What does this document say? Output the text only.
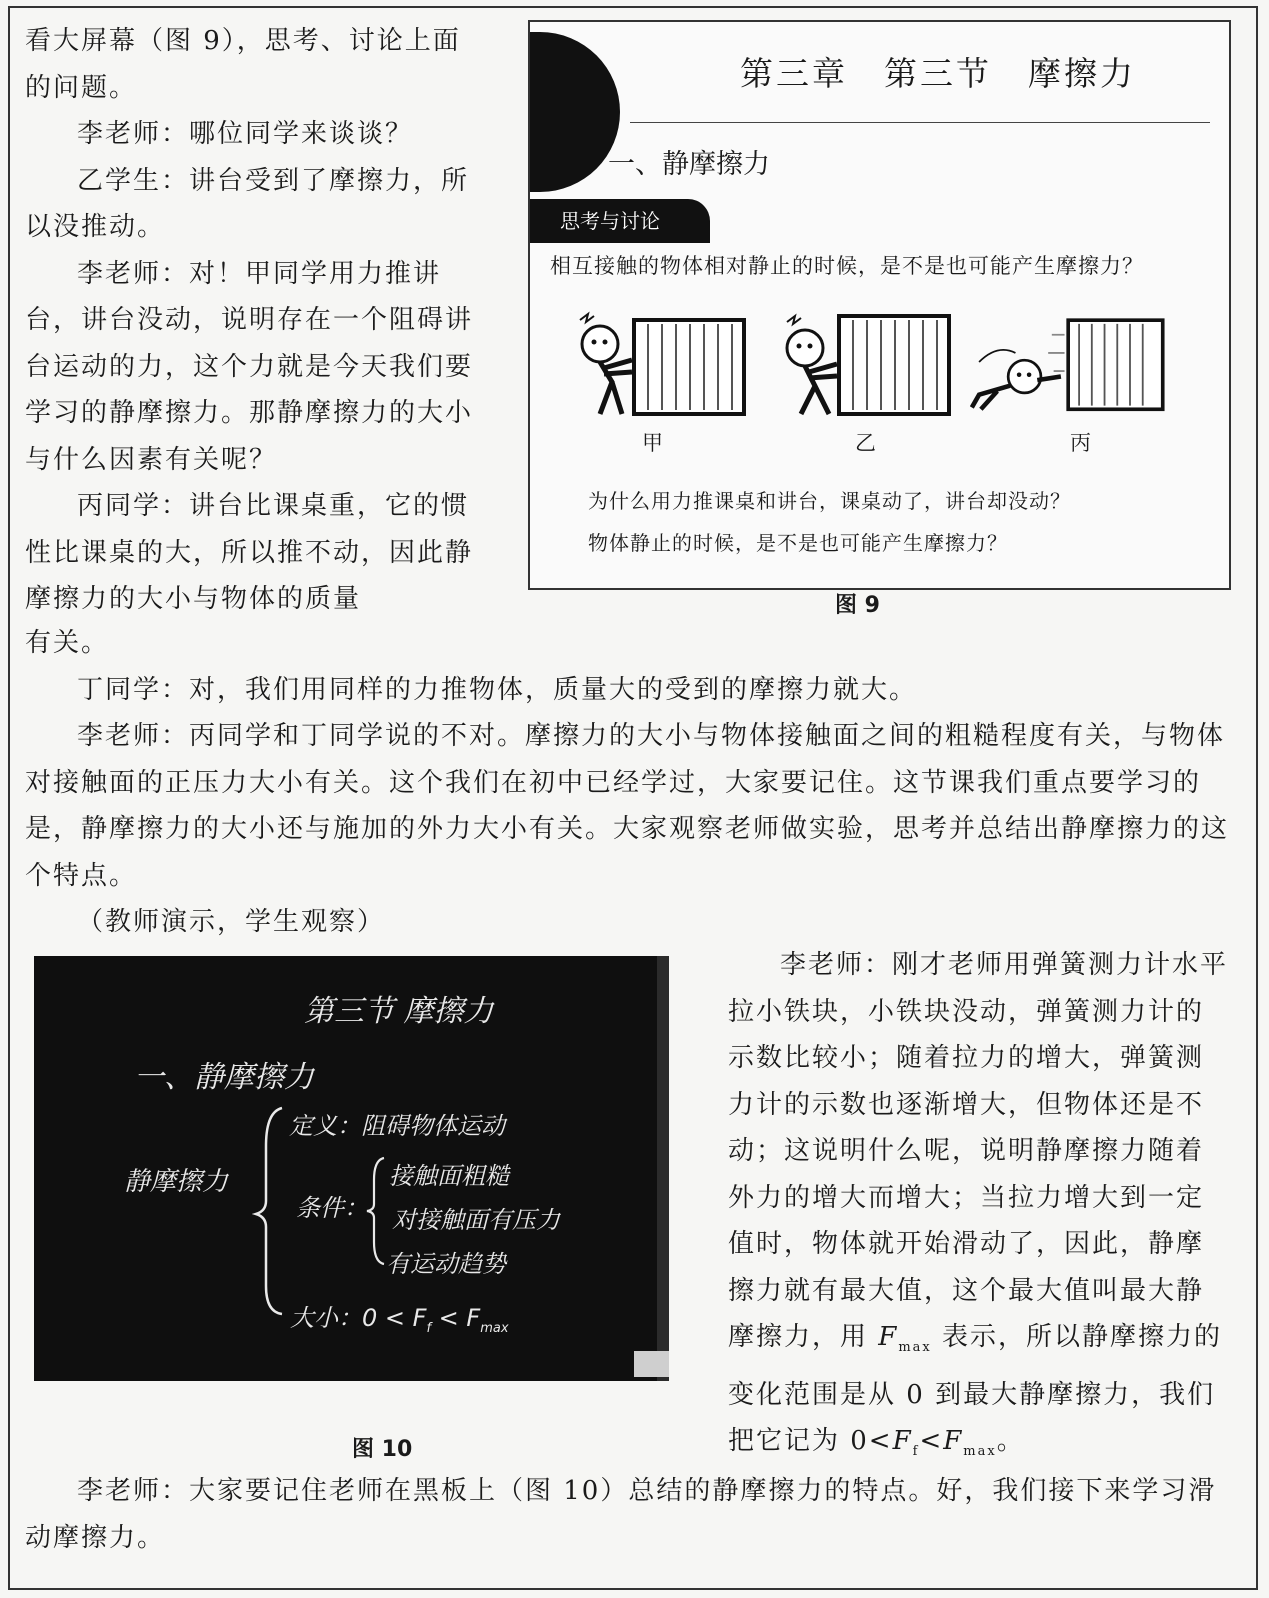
看大屏幕（图 9），思考、讨论上面的问题。

李老师：哪位同学来谈谈？

乙学生：讲台受到了摩擦力，所以没推动。

李老师：对！甲同学用力推讲台，讲台没动，说明存在一个阻碍讲台运动的力，这个力就是今天我们要学习的静摩擦力。那静摩擦力的大小与什么因素有关呢？

丙同学：讲台比课桌重，它的惯性比课桌的大，所以推不动，因此静摩擦力的大小与物体的质量

第三章　第三节　摩擦力
一、静摩擦力
思考与讨论
相互接触的物体相对静止的时候，是不是也可能产生摩擦力？
甲	乙	丙
为什么用力推课桌和讲台，课桌动了，讲台却没动？
物体静止的时候，是不是也可能产生摩擦力？
图 9

有关。

丁同学：对，我们用同样的力推物体，质量大的受到的摩擦力就大。

李老师：丙同学和丁同学说的不对。摩擦力的大小与物体接触面之间的粗糙程度有关，与物体对接触面的正压力大小有关。这个我们在初中已经学过，大家要记住。这节课我们重点要学习的是，静摩擦力的大小还与施加的外力大小有关。大家观察老师做实验，思考并总结出静摩擦力的这个特点。

（教师演示，学生观察）

第三节 摩擦力
一、静摩擦力
静摩擦力
定义：阻碍物体运动
条件：
接触面粗糙
对接触面有压力
有运动趋势
大小：$0 < F_f < F_{max}$
图 10

李老师：刚才老师用弹簧测力计水平拉小铁块，小铁块没动，弹簧测力计的示数比较小；随着拉力的增大，弹簧测力计的示数也逐渐增大，但物体还是不动；这说明什么呢，说明静摩擦力随着外力的增大而增大；当拉力增大到一定值时，物体就开始滑动了，因此，静摩擦力就有最大值，这个最大值叫最大静摩擦力，用 $F_{max}$ 表示，所以静摩擦力的变化范围是从 0 到最大静摩擦力，我们把它记为 $0<F_f<F_{max}$。

李老师：大家要记住老师在黑板上（图 10）总结的静摩擦力的特点。好，我们接下来学习滑动摩擦力。
